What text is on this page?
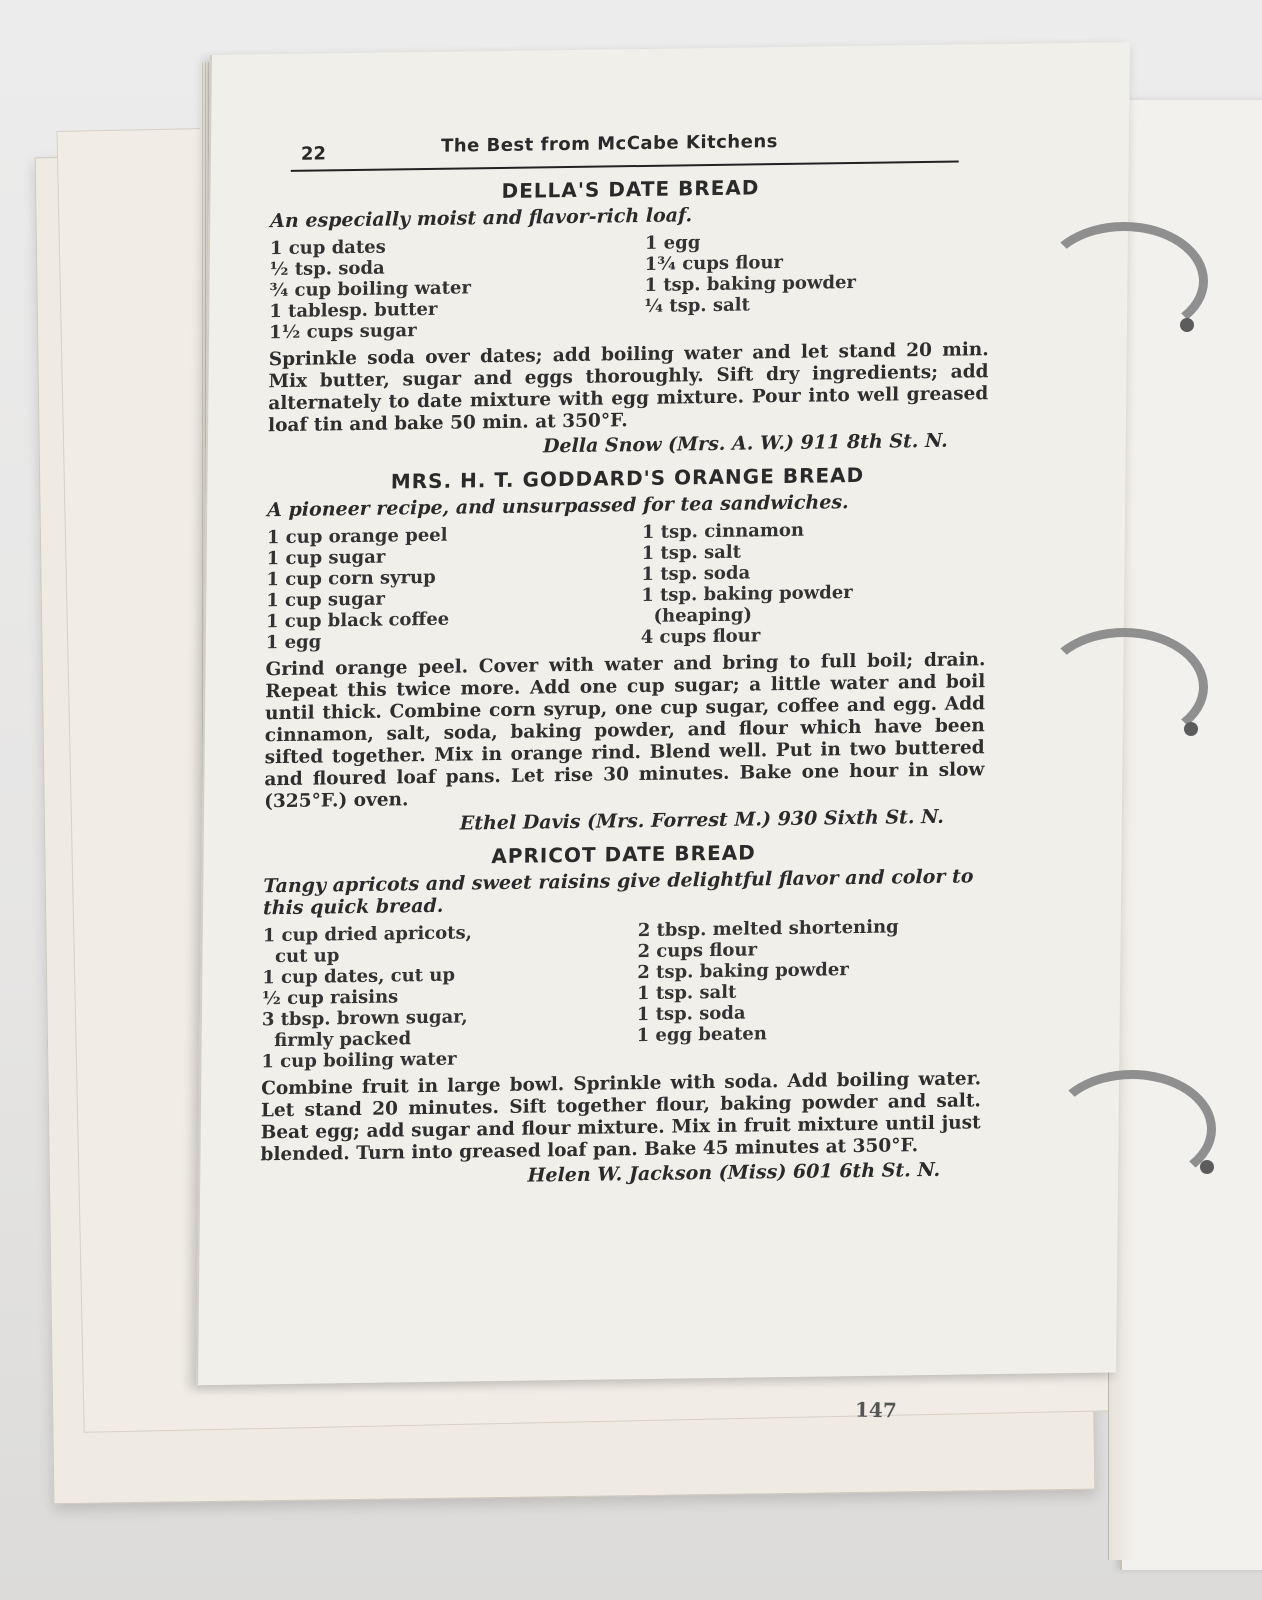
147
22	The Best from McCabe Kitchens
DELLA'S DATE BREAD
An especially moist and flavor-rich loaf.
1 cup dates
½ tsp. soda
¾ cup boiling water
1 tablesp. butter
1½ cups sugar
1 egg
1¾ cups flour
1 tsp. baking powder
¼ tsp. salt
Sprinkle soda over dates; add boiling water and let stand 20 min. Mix butter, sugar and eggs thoroughly. Sift dry ingredients; add alternately to date mixture with egg mixture. Pour into well greased loaf tin and bake 50 min. at 350°F.
Della Snow (Mrs. A. W.) 911 8th St. N.
MRS. H. T. GODDARD'S ORANGE BREAD
A pioneer recipe, and unsurpassed for tea sandwiches.
1 cup orange peel
1 cup sugar
1 cup corn syrup
1 cup sugar
1 cup black coffee
1 egg
1 tsp. cinnamon
1 tsp. salt
1 tsp. soda
1 tsp. baking powder
(heaping)
4 cups flour
Grind orange peel. Cover with water and bring to full boil; drain. Repeat this twice more. Add one cup sugar; a little water and boil until thick. Combine corn syrup, one cup sugar, coffee and egg. Add cinnamon, salt, soda, baking powder, and flour which have been sifted together. Mix in orange rind. Blend well. Put in two buttered and floured loaf pans. Let rise 30 minutes. Bake one hour in slow (325°F.) oven.
Ethel Davis (Mrs. Forrest M.) 930 Sixth St. N.
APRICOT DATE BREAD
Tangy apricots and sweet raisins give delightful flavor and color to this quick bread.
1 cup dried apricots,
cut up
1 cup dates, cut up
½ cup raisins
3 tbsp. brown sugar,
firmly packed
1 cup boiling water
2 tbsp. melted shortening
2 cups flour
2 tsp. baking powder
1 tsp. salt
1 tsp. soda
1 egg beaten
Combine fruit in large bowl. Sprinkle with soda. Add boiling water. Let stand 20 minutes. Sift together flour, baking powder and salt. Beat egg; add sugar and flour mixture. Mix in fruit mixture until just blended. Turn into greased loaf pan. Bake 45 minutes at 350°F.
Helen W. Jackson (Miss) 601 6th St. N.
